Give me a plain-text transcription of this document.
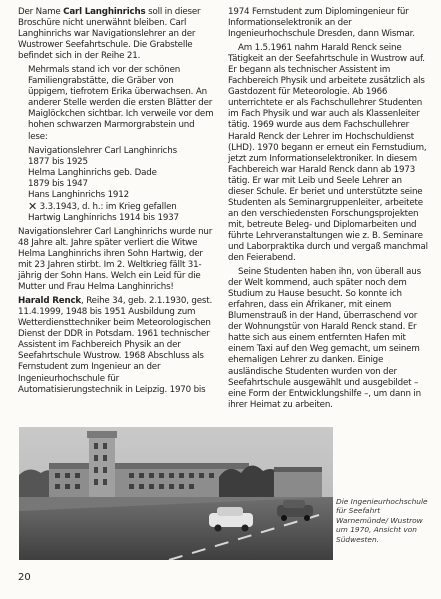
Der Name Carl Langhinrichs soll in dieser Broschüre nicht unerwähnt bleiben. Carl Langhinrichs war Navigationslehrer an der Wustrower Seefahrtschule. Die Grabstelle befindet sich in der Reihe 21.

Mehrmals stand ich vor der schönen Familiengrabstätte, die Gräber von üppigem, tiefrotem Erika überwachsen. An anderer Stelle werden die ersten Blätter der Maiglöckchen sichtbar. Ich verweile vor dem hohen schwarzen Marmorgrabstein und lese:

Navigationslehrer Carl Langhinrichs
1877 bis 1925
Helma Langhinrichs geb. Dade
1879 bis 1947
Hans Langhinrichs 1912
✕ 3.3.1943, d. h.: im Krieg gefallen
Hartwig Langhinrichs 1914 bis 1937

Navigationslehrer Carl Langhinrichs wurde nur 48 Jahre alt. Jahre später verliert die Witwe Helma Langhinrichs ihren Sohn Hartwig, der mit 23 Jahren stirbt. Im 2. Weltkrieg fällt 31-jährig der Sohn Hans. Welch ein Leid für die Mutter und Frau Helma Langhinrichs!

Harald Renck, Reihe 34, geb. 2.1.1930, gest. 11.4.1999, 1948 bis 1951 Ausbildung zum Wetterdiensttechniker beim Meteorologischen Dienst der DDR in Potsdam. 1961 technischer Assistent im Fachbereich Physik an der Seefahrtschule Wustrow. 1968 Abschluss als Fernstudent zum Ingenieur an der Ingenieurhochschule für Automatisierungstechnik in Leipzig. 1970 bis

1974 Fernstudent zum Diplomingenieur für Informationselektronik an der Ingenieurhochschule Dresden, dann Wismar.

Am 1.5.1961 nahm Harald Renck seine Tätigkeit an der Seefahrtschule in Wustrow auf. Er begann als technischer Assistent im Fachbereich Physik und arbeitete zusätzlich als Gastdozent für Meteorologie. Ab 1966 unterrichtete er als Fachschullehrer Studenten im Fach Physik und war auch als Klassenleiter tätig. 1969 wurde aus dem Fachschullehrer Harald Renck der Lehrer im Hochschuldienst (LHD). 1970 begann er erneut ein Fernstudium, jetzt zum Informationselektroniker. In diesem Fachbereich war Harald Renck dann ab 1973 tätig. Er war mit Leib und Seele Lehrer an dieser Schule. Er beriet und unterstützte seine Studenten als Seminargruppenleiter, arbeitete an den verschiedensten Forschungsprojekten mit, betreute Beleg- und Diplomarbeiten und führte Lehrveranstaltungen wie z. B. Seminare und Laborpraktika durch und vergaß manchmal den Feierabend.

Seine Studenten haben ihn, von überall aus der Welt kommend, auch später noch dem Studium zu Hause besucht. So konnte ich erfahren, dass ein Afrikaner, mit einem Blumenstrauß in der Hand, überraschend vor der Wohnungstür von Harald Renck stand. Er hatte sich aus einem entfernten Hafen mit einem Taxi auf den Weg gemacht, um seinem ehemaligen Lehrer zu danken. Einige ausländische Studenten wurden von der Seefahrtschule ausgewählt und ausgebildet – eine Form der Entwicklungshilfe –, um dann in ihrer Heimat zu arbeiten.

Die Ingenieurhochschule für Seefahrt Warnemünde/ Wustrow um 1970, Ansicht von Südwesten.
20
